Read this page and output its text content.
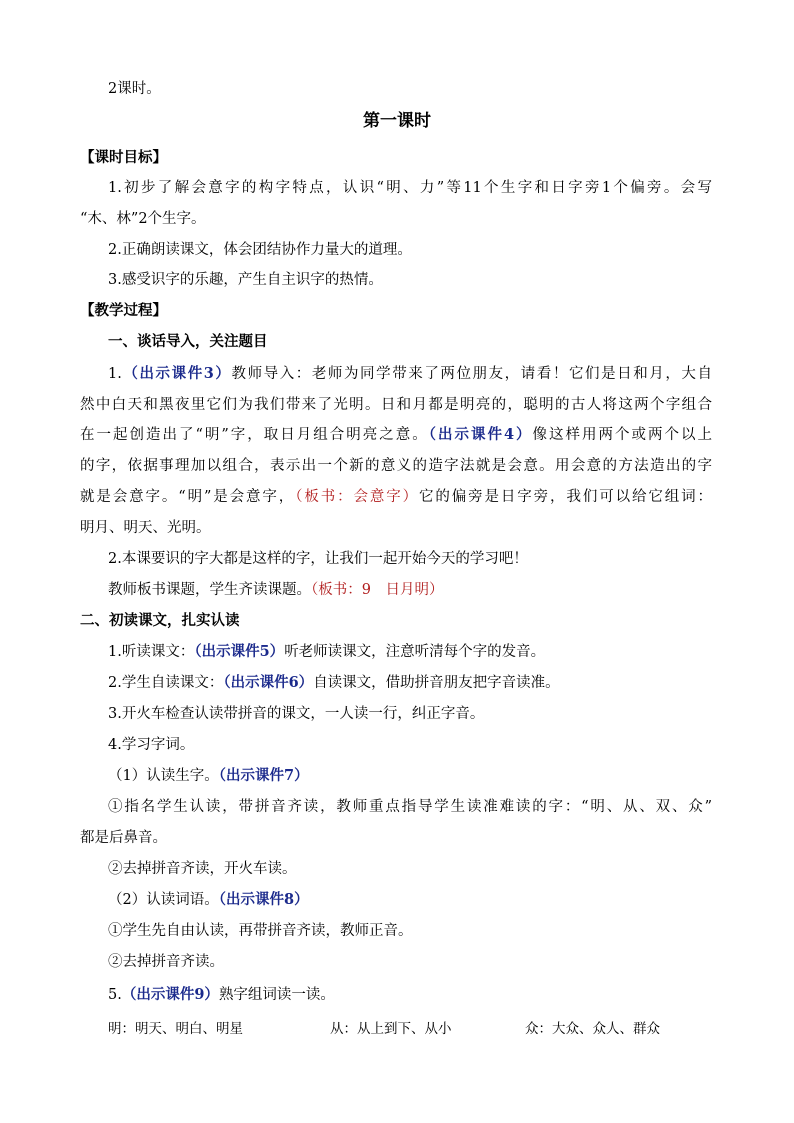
2课时。
第一课时
【课时目标】
1.初步了解会意字的构字特点，认识“明、力”等11个生字和日字旁1个偏旁。会写
“木、林”2个生字。
2.正确朗读课文，体会团结协作力量大的道理。
3.感受识字的乐趣，产生自主识字的热情。
【教学过程】
一、谈话导入，关注题目
1.（出示课件3）教师导入：老师为同学带来了两位朋友，请看！它们是日和月，大自
然中白天和黑夜里它们为我们带来了光明。日和月都是明亮的，聪明的古人将这两个字组合
在一起创造出了“明”字，取日月组合明亮之意。（出示课件4）像这样用两个或两个以上
的字，依据事理加以组合，表示出一个新的意义的造字法就是会意。用会意的方法造出的字
就是会意字。“明”是会意字，（板书：会意字）它的偏旁是日字旁，我们可以给它组词：
明月、明天、光明。
2.本课要识的字大都是这样的字，让我们一起开始今天的学习吧！
教师板书课题，学生齐读课题。（板书：9　日月明）
二、初读课文，扎实认读
1.听读课文：（出示课件5）听老师读课文，注意听清每个字的发音。
2.学生自读课文：（出示课件6）自读课文，借助拼音朋友把字音读准。
3.开火车检查认读带拼音的课文，一人读一行，纠正字音。
4.学习字词。
（1）认读生字。（出示课件7）
①指名学生认读，带拼音齐读，教师重点指导学生读准难读的字：“明、从、双、众”
都是后鼻音。
②去掉拼音齐读，开火车读。
（2）认读词语。（出示课件8）
①学生先自由认读，再带拼音齐读，教师正音。
②去掉拼音齐读。
5.（出示课件9）熟字组词读一读。
明：明天、明白、明星	从：从上到下、从小	众：大众、众人、群众
